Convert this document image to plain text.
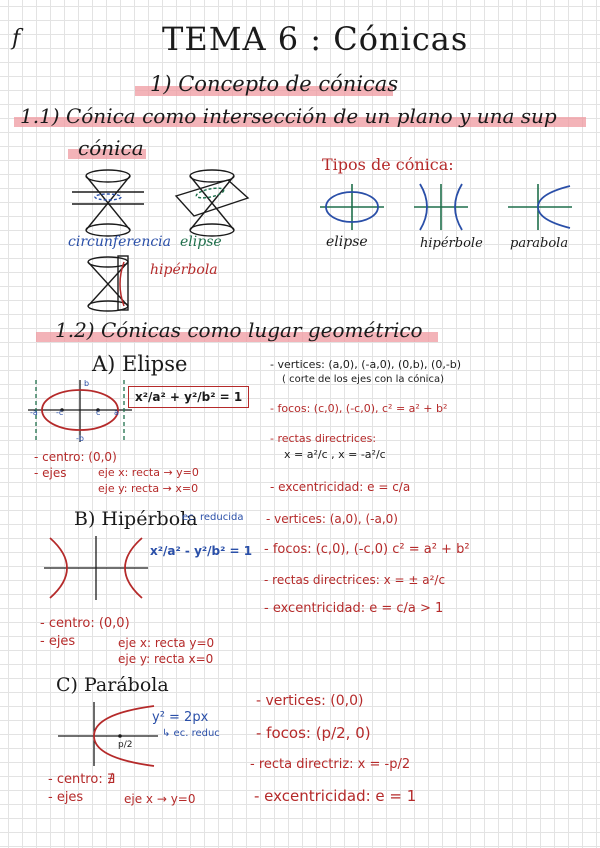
f	TEMA 6 : Cónicas
1) Concepto de cónicas
1.1) Cónica como intersección de un plano y una sup
cónica
circunferencia elipse
hipérbola
Tipos de cónica:
elipse	hipérbole parabola
1.2) Cónicas como lugar geométrico
A) Elipse
b
-b
-a	a
-c	c
x²/a² + y²/b² = 1
- centro: (0,0)
- ejes	eje x: recta → y=0
eje y: recta → x=0
- vertices: (a,0), (-a,0), (0,b), (0,-b)
( corte de los ejes con la cónica)
- focos: (c,0), (-c,0), c² = a² + b²
- rectas directrices:
x = a²/c , x = -a²/c
- excentricidad: e = c/a
B) Hipérbola
ec. reducida
x²/a² - y²/b² = 1
- centro: (0,0)
- ejes	eje x: recta y=0
eje y: recta x=0
- vertices: (a,0), (-a,0)
- focos: (c,0), (-c,0) c² = a² + b²
- rectas directrices: x = ± a²/c
- excentricidad: e = c/a > 1
C) Parábola
p/2
y² = 2px
↳ ec. reduc
- centro: ∄
- ejes	eje x → y=0
- vertices: (0,0)
- focos: (p/2, 0)
- recta directriz: x = -p/2
- excentricidad: e = 1
